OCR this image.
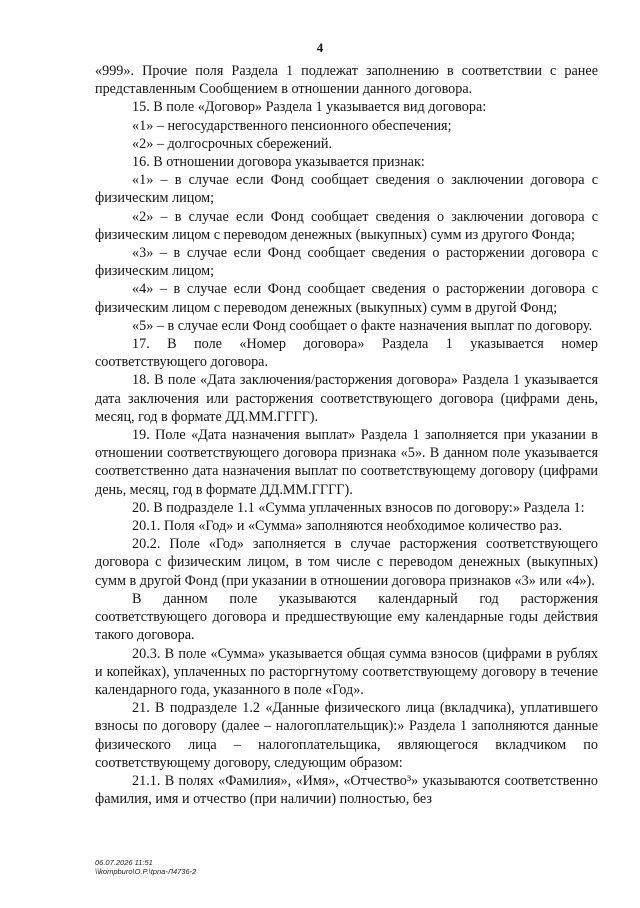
4

«999». Прочие поля Раздела 1 подлежат заполнению в соответствии с ранее представленным Сообщением в отношении данного договора.

15. В поле «Договор» Раздела 1 указывается вид договора:

«1» – негосударственного пенсионного обеспечения;

«2» – долгосрочных сбережений.

16. В отношении договора указывается признак:

«1» – в случае если Фонд сообщает сведения о заключении договора с физическим лицом;

«2» – в случае если Фонд сообщает сведения о заключении договора с физическим лицом с переводом денежных (выкупных) сумм из другого Фонда;

«3» – в случае если Фонд сообщает сведения о расторжении договора с физическим лицом;

«4» – в случае если Фонд сообщает сведения о расторжении договора с физическим лицом с переводом денежных (выкупных) сумм в другой Фонд;

«5» – в случае если Фонд сообщает о факте назначения выплат по договору.

17. В поле «Номер договора» Раздела 1 указывается номер соответствующего договора.

18. В поле «Дата заключения/расторжения договора» Раздела 1 указывается дата заключения или расторжения соответствующего договора (цифрами день, месяц, год в формате ДД.ММ.ГГГГ).

19. Поле «Дата назначения выплат» Раздела 1 заполняется при указании в отношении соответствующего договора признака «5». В данном поле указывается соответственно дата назначения выплат по соответствующему договору (цифрами день, месяц, год в формате ДД.ММ.ГГГГ).

20. В подразделе 1.1 «Сумма уплаченных взносов по договору:» Раздела 1:

20.1. Поля «Год» и «Сумма» заполняются необходимое количество раз.

20.2. Поле «Год» заполняется в случае расторжения соответствующего договора с физическим лицом, в том числе с переводом денежных (выкупных) сумм в другой Фонд (при указании в отношении договора признаков «3» или «4»).

В данном поле указываются календарный год расторжения соответствующего договора и предшествующие ему календарные годы действия такого договора.

20.3. В поле «Сумма» указывается общая сумма взносов (цифрами в рублях и копейках), уплаченных по расторгнутому соответствующему договору в течение календарного года, указанного в поле «Год».

21. В подразделе 1.2 «Данные физического лица (вкладчика), уплатившего взносы по договору (далее – налогоплательщик):» Раздела 1 заполняются данные физического лица – налогоплательщика, являющегося вкладчиком по соответствующему договору, следующим образом:

21.1. В полях «Фамилия», «Имя», «Отчество³» указываются соответственно фамилия, имя и отчество (при наличии) полностью, без

06.07.2026 11:51
\\kompburo\O.P.\tpna-Л4736-2
